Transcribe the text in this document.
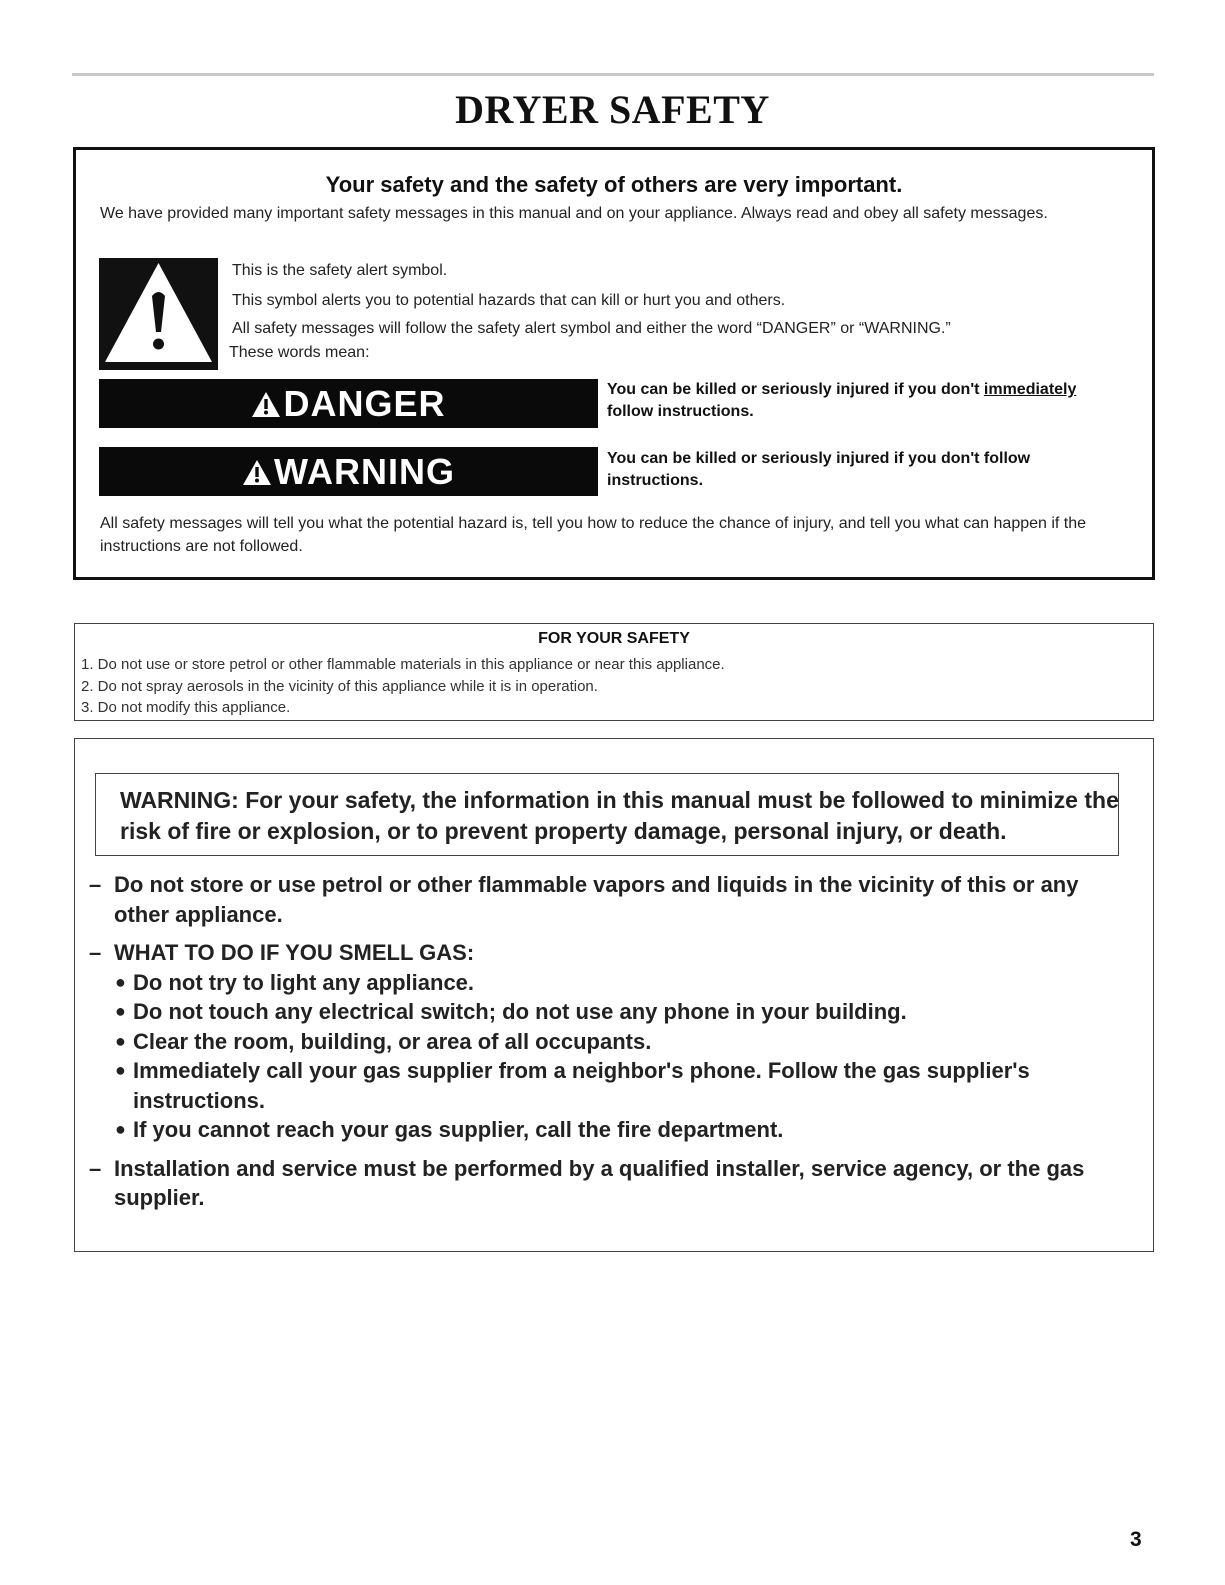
DRYER SAFETY
Your safety and the safety of others are very important.

We have provided many important safety messages in this manual and on your appliance. Always read and obey all safety messages.

This is the safety alert symbol.
This symbol alerts you to potential hazards that can kill or hurt you and others.
All safety messages will follow the safety alert symbol and either the word “DANGER” or “WARNING.”
These words mean:
DANGER	You can be killed or seriously injured if you don't immediately
follow instructions.
WARNING	You can be killed or seriously injured if you don't follow instructions.

All safety messages will tell you what the potential hazard is, tell you how to reduce the chance of injury, and tell you what can happen if the instructions are not followed.

FOR YOUR SAFETY
1. Do not use or store petrol or other flammable materials in this appliance or near this appliance.
2. Do not spray aerosols in the vicinity of this appliance while it is in operation.
3. Do not modify this appliance.
WARNING: For your safety, the information in this manual must be followed to minimize the risk of fire or explosion, or to prevent property damage, personal injury, or death.
– Do not store or use petrol or other flammable vapors and liquids in the vicinity of this or any other appliance.
– WHAT TO DO IF YOU SMELL GAS:
● Do not try to light any appliance.
● Do not touch any electrical switch; do not use any phone in your building.
● Clear the room, building, or area of all occupants.
● Immediately call your gas supplier from a neighbor's phone. Follow the gas supplier's instructions.
● If you cannot reach your gas supplier, call the fire department.
– Installation and service must be performed by a qualified installer, service agency, or the gas supplier.
3
